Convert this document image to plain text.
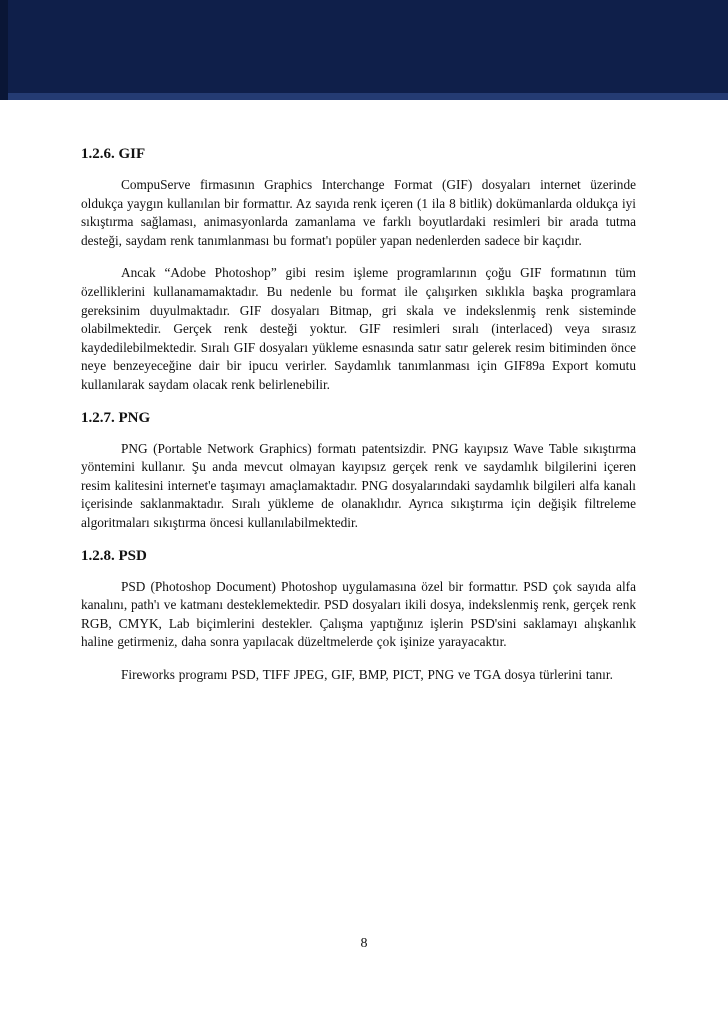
1.2.6. GIF

CompuServe firmasının Graphics Interchange Format (GIF) dosyaları internet üzerinde oldukça yaygın kullanılan bir formattır. Az sayıda renk içeren (1 ila 8 bitlik) dokümanlarda oldukça iyi sıkıştırma sağlaması, animasyonlarda zamanlama ve farklı boyutlardaki resimleri bir arada tutma desteği, saydam renk tanımlanması bu format'ı popüler yapan nedenlerden sadece bir kaçıdır.

Ancak “Adobe Photoshop” gibi resim işleme programlarının çoğu GIF formatının tüm özelliklerini kullanamamaktadır. Bu nedenle bu format ile çalışırken sıklıkla başka programlara gereksinim duyulmaktadır. GIF dosyaları Bitmap, gri skala ve indekslenmiş renk sisteminde olabilmektedir. Gerçek renk desteği yoktur. GIF resimleri sıralı (interlaced) veya sırasız kaydedilebilmektedir. Sıralı GIF dosyaları yükleme esnasında satır satır gelerek resim bitiminden önce neye benzeyeceğine dair bir ipucu verirler. Saydamlık tanımlanması için GIF89a Export komutu kullanılarak saydam olacak renk belirlenebilir.

1.2.7. PNG

PNG (Portable Network Graphics) formatı patentsizdir. PNG kayıpsız Wave Table sıkıştırma yöntemini kullanır. Şu anda mevcut olmayan kayıpsız gerçek renk ve saydamlık bilgilerini içeren resim kalitesini internet'e taşımayı amaçlamaktadır. PNG dosyalarındaki saydamlık bilgileri alfa kanalı içerisinde saklanmaktadır. Sıralı yükleme de olanaklıdır. Ayrıca sıkıştırma için değişik filtreleme algoritmaları sıkıştırma öncesi kullanılabilmektedir.

1.2.8. PSD

PSD (Photoshop Document) Photoshop uygulamasına özel bir formattır. PSD çok sayıda alfa kanalını, path'ı ve katmanı desteklemektedir. PSD dosyaları ikili dosya, indekslenmiş renk, gerçek renk RGB, CMYK, Lab biçimlerini destekler. Çalışma yaptığınız işlerin PSD'sini saklamayı alışkanlık haline getirmeniz, daha sonra yapılacak düzeltmelerde çok işinize yarayacaktır.

Fireworks programı PSD, TIFF JPEG, GIF, BMP, PICT, PNG ve TGA dosya türlerini tanır.

8
